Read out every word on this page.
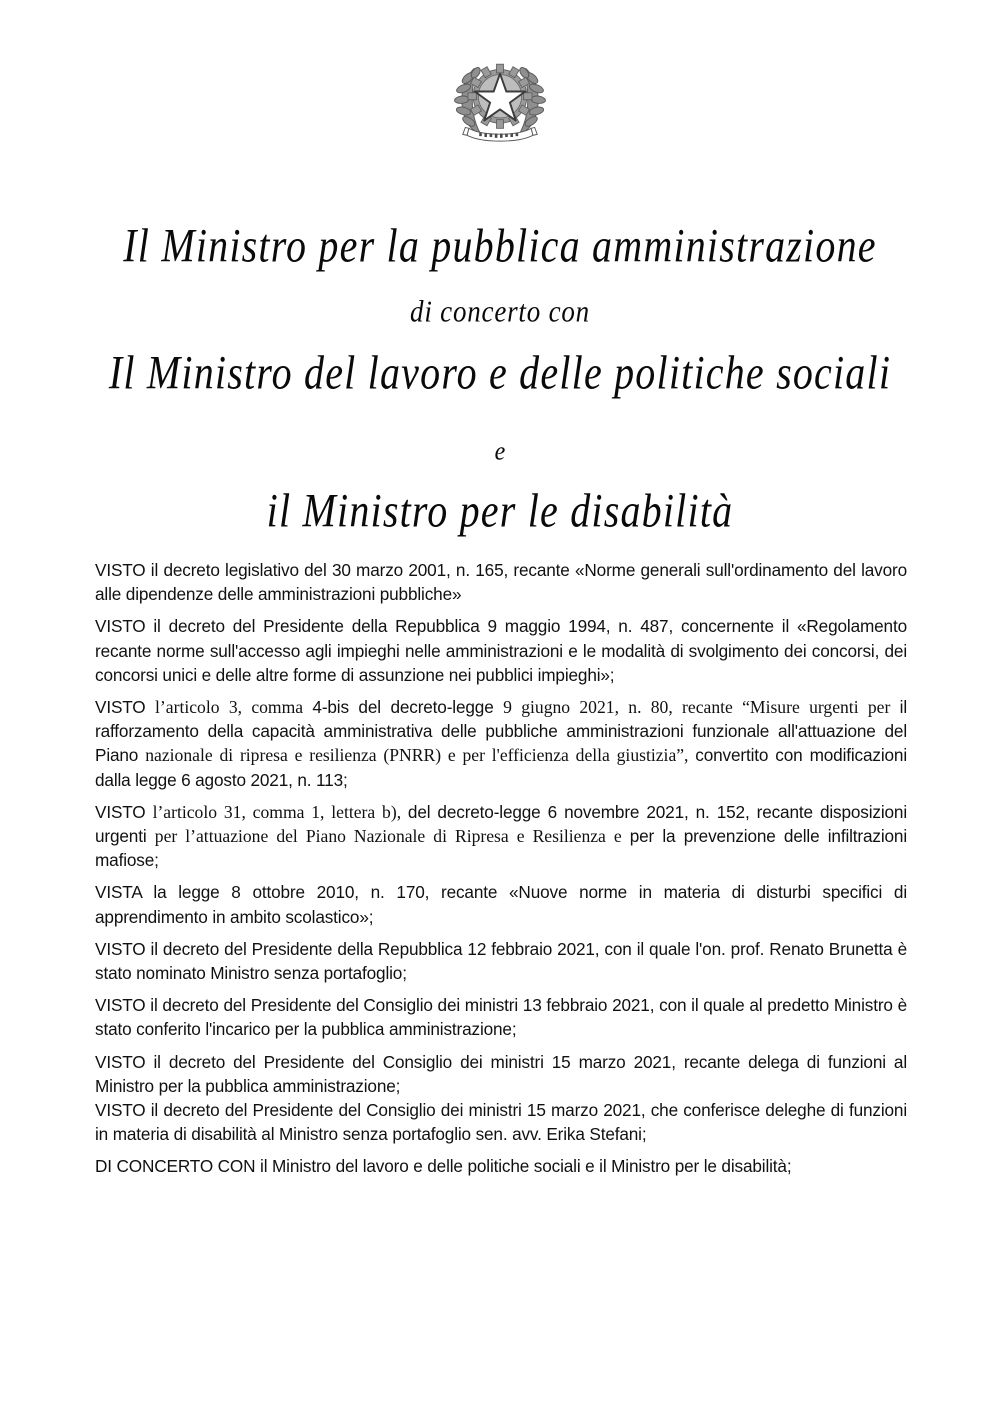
Il Ministro per la pubblica amministrazione
di concerto con
Il Ministro del lavoro e delle politiche sociali
e
il Ministro per le disabilità
VISTO il decreto legislativo del 30 marzo 2001, n. 165, recante «Norme generali sull'ordinamento del lavoro alle dipendenze delle amministrazioni pubbliche»
VISTO il decreto del Presidente della Repubblica 9 maggio 1994, n. 487, concernente il «Regolamento recante norme sull'accesso agli impieghi nelle amministrazioni e le modalità di svolgimento dei concorsi, dei concorsi unici e delle altre forme di assunzione nei pubblici impieghi»;
VISTO l’articolo 3, comma 4-bis del decreto-legge 9 giugno 2021, n. 80, recante “Misure urgenti per il rafforzamento della capacità amministrativa delle pubbliche amministrazioni funzionale all'attuazione del Piano nazionale di ripresa e resilienza (PNRR) e per l'efficienza della giustizia”, convertito con modificazioni dalla legge 6 agosto 2021, n. 113;
VISTO l’articolo 31, comma 1, lettera b), del decreto-legge 6 novembre 2021, n. 152, recante disposizioni urgenti per l’attuazione del Piano Nazionale di Ripresa e Resilienza e per la prevenzione delle infiltrazioni mafiose;
VISTA la legge 8 ottobre 2010, n. 170, recante «Nuove norme in materia di disturbi specifici di apprendimento in ambito scolastico»;
VISTO il decreto del Presidente della Repubblica 12 febbraio 2021, con il quale l'on. prof. Renato Brunetta è stato nominato Ministro senza portafoglio;
VISTO il decreto del Presidente del Consiglio dei ministri 13 febbraio 2021, con il quale al predetto Ministro è stato conferito l'incarico per la pubblica amministrazione;
VISTO il decreto del Presidente del Consiglio dei ministri 15 marzo 2021, recante delega di funzioni al Ministro per la pubblica amministrazione;
VISTO il decreto del Presidente del Consiglio dei ministri 15 marzo 2021, che conferisce deleghe di funzioni in materia di disabilità al Ministro senza portafoglio sen. avv. Erika Stefani;
DI CONCERTO CON il Ministro del lavoro e delle politiche sociali e il Ministro per le disabilità;
